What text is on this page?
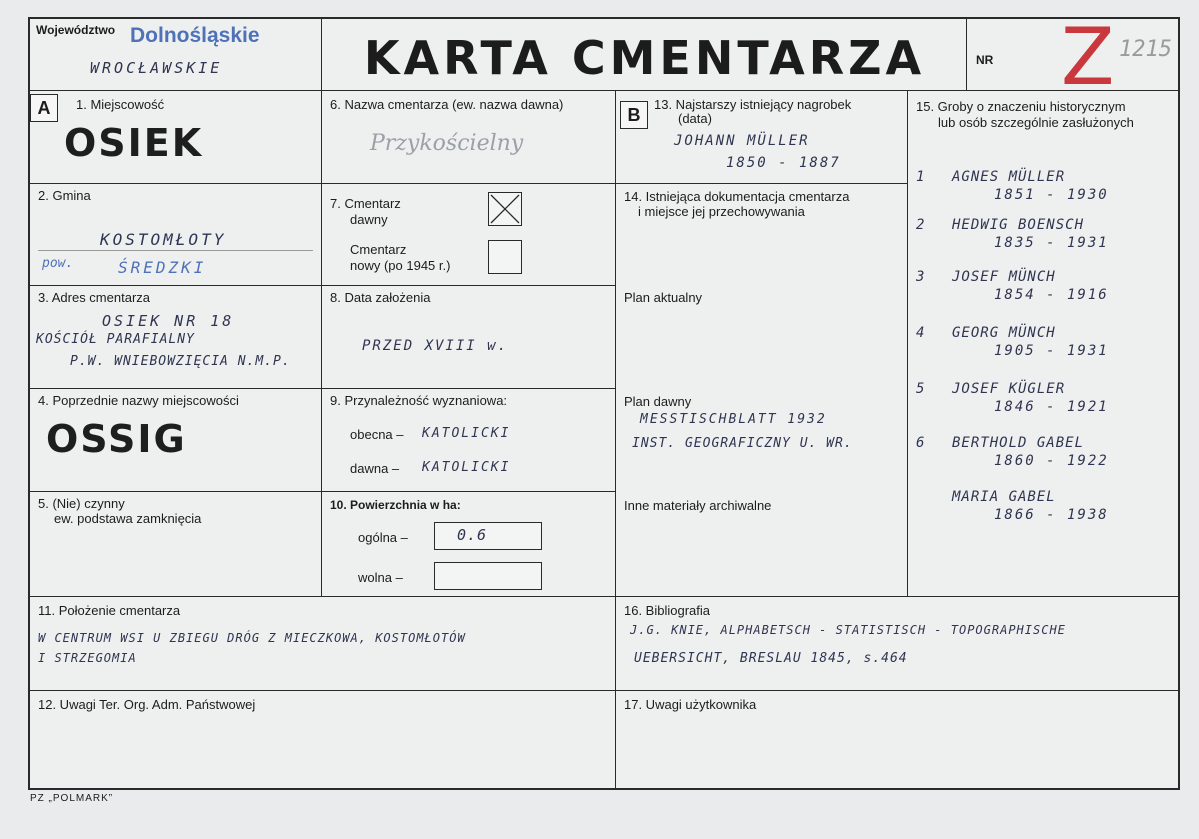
Województwo Dolnośląskie
WROCŁAWSKIE	KARTA CMENTARZA	NR Z 1215
A	1. Miejscowość
OSIEK
2. Gmina
KOSTOMŁOTY
pow.	ŚREDZKI
3. Adres cmentarza
OSIEK NR 18
KOŚCIÓŁ PARAFIALNY
P.W. WNIEBOWZIĘCIA N.M.P.
4. Poprzednie nazwy miejscowości
OSSIG
5. (Nie) czynny
ew. podstawa zamknięcia
6. Nazwa cmentarza (ew. nazwa dawna)
Przykościelny
7. Cmentarz
dawny
Cmentarz
nowy (po 1945 r.)
8. Data założenia
PRZED XVIII w.
9. Przynależność wyznaniowa:
obecna – KATOLICKI
dawna – KATOLICKI
10. Powierzchnia w ha:
ogólna –	0.6
wolna –
B
13. Najstarszy istniejący nagrobek
(data)
JOHANN MÜLLER
1850 - 1887
14. Istniejąca dokumentacja cmentarza
i miejsce jej przechowywania
Plan aktualny
Plan dawny
MESSTISCHBLATT 1932
INST. GEOGRAFICZNY U. WR.
Inne materiały archiwalne
15. Groby o znaczeniu historycznym
lub osób szczególnie zasłużonych
1 AGNES MÜLLER
1851 - 1930
2 HEDWIG BOENSCH
1835 - 1931
3 JOSEF MÜNCH
1854 - 1916
4 GEORG MÜNCH
1905 - 1931
5 JOSEF KÜGLER
1846 - 1921
6 BERTHOLD GABEL
1860 - 1922
MARIA GABEL
1866 - 1938
11. Położenie cmentarza
W CENTRUM WSI U ZBIEGU DRÓG Z MIECZKOWA, KOSTOMŁOTÓW
I STRZEGOMIA
16. Bibliografia
J.G. KNIE, ALPHABETSCH - STATISTISCH - TOPOGRAPHISCHE
UEBERSICHT, BRESLAU 1845, s.464
12. Uwagi Ter. Org. Adm. Państwowej	17. Uwagi użytkownika
PZ „POLMARK”
